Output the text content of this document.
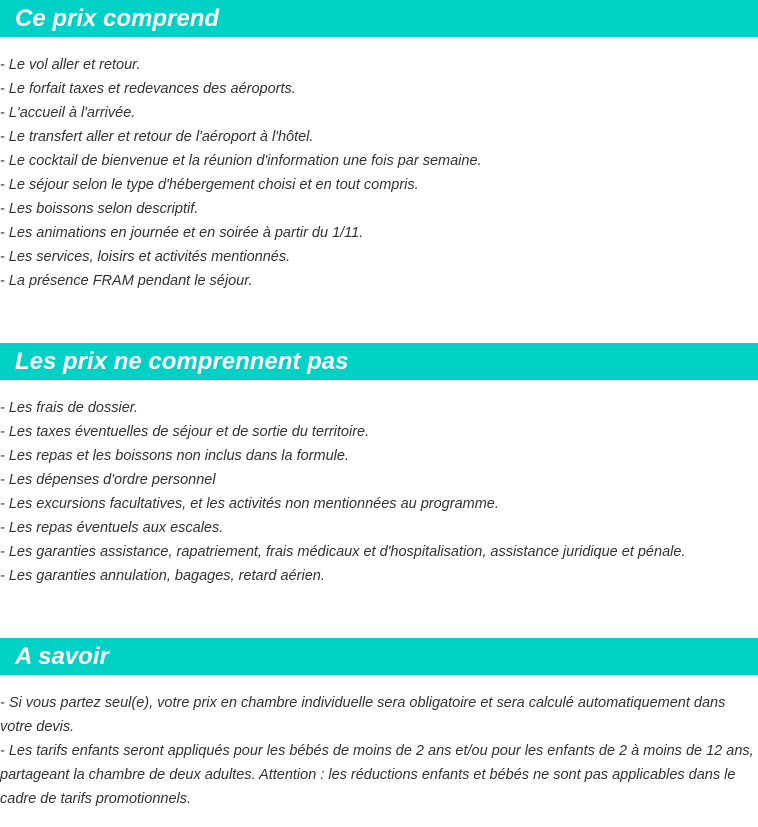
Ce prix comprend
- Le vol aller et retour.
- Le forfait taxes et redevances des aéroports.
- L'accueil à l'arrivée.
- Le transfert aller et retour de l'aéroport à l'hôtel.
- Le cocktail de bienvenue et la réunion d'information une fois par semaine.
- Le séjour selon le type d'hébergement choisi et en tout compris.
- Les boissons selon descriptif.
- Les animations en journée et en soirée à partir du 1/11.
- Les services, loisirs et activités mentionnés.
- La présence FRAM pendant le séjour.
Les prix ne comprennent pas
- Les frais de dossier.
- Les taxes éventuelles de séjour et de sortie du territoire.
- Les repas et les boissons non inclus dans la formule.
- Les dépenses d'ordre personnel
- Les excursions facultatives, et les activités non mentionnées au programme.
- Les repas éventuels aux escales.
- Les garanties assistance, rapatriement, frais médicaux et d'hospitalisation, assistance juridique et pénale.
- Les garanties annulation, bagages, retard aérien.
A savoir
- Si vous partez seul(e), votre prix en chambre individuelle sera obligatoire et sera calculé automatiquement dans votre devis.
- Les tarifs enfants seront appliqués pour les bébés de moins de 2 ans et/ou pour les enfants de 2 à moins de 12 ans, partageant la chambre de deux adultes. Attention : les réductions enfants et bébés ne sont pas applicables dans le cadre de tarifs promotionnels.
